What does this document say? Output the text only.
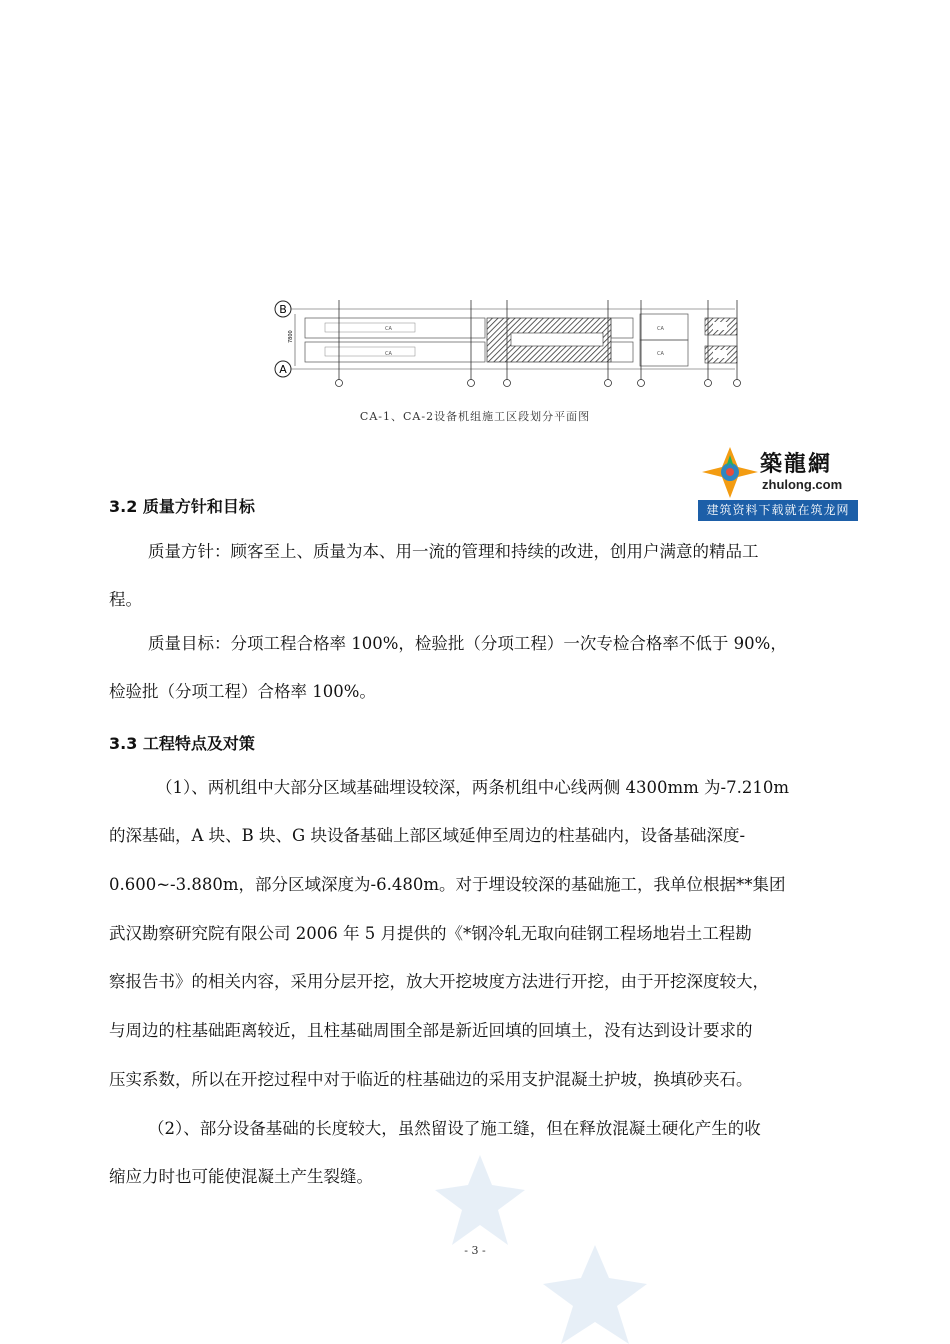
B
A
7800
CA
CA
CA
CA
CA-1、CA-2设备机组施工区段划分平面图
築龍網
zhulong.com
建筑资料下载就在筑龙网
3.2 质量方针和目标
质量方针：顾客至上、质量为本、用一流的管理和持续的改进，创用户满意的精品工
程。
质量目标：分项工程合格率 100%，检验批（分项工程）一次专检合格率不低于 90%，
检验批（分项工程）合格率 100%。
3.3 工程特点及对策
（1）、两机组中大部分区域基础埋设较深，两条机组中心线两侧 4300mm 为-7.210m
的深基础，A 块、B 块、G 块设备基础上部区域延伸至周边的柱基础内，设备基础深度-
0.600~-3.880m，部分区域深度为-6.480m。对于埋设较深的基础施工，我单位根据**集团
武汉勘察研究院有限公司 2006 年 5 月提供的《*钢冷轧无取向硅钢工程场地岩土工程勘
察报告书》的相关内容，采用分层开挖，放大开挖坡度方法进行开挖，由于开挖深度较大，
与周边的柱基础距离较近，且柱基础周围全部是新近回填的回填土，没有达到设计要求的
压实系数，所以在开挖过程中对于临近的柱基础边的采用支护混凝土护坡，换填砂夹石。
（2）、部分设备基础的长度较大，虽然留设了施工缝，但在释放混凝土硬化产生的收
缩应力时也可能使混凝土产生裂缝。
- 3 -
